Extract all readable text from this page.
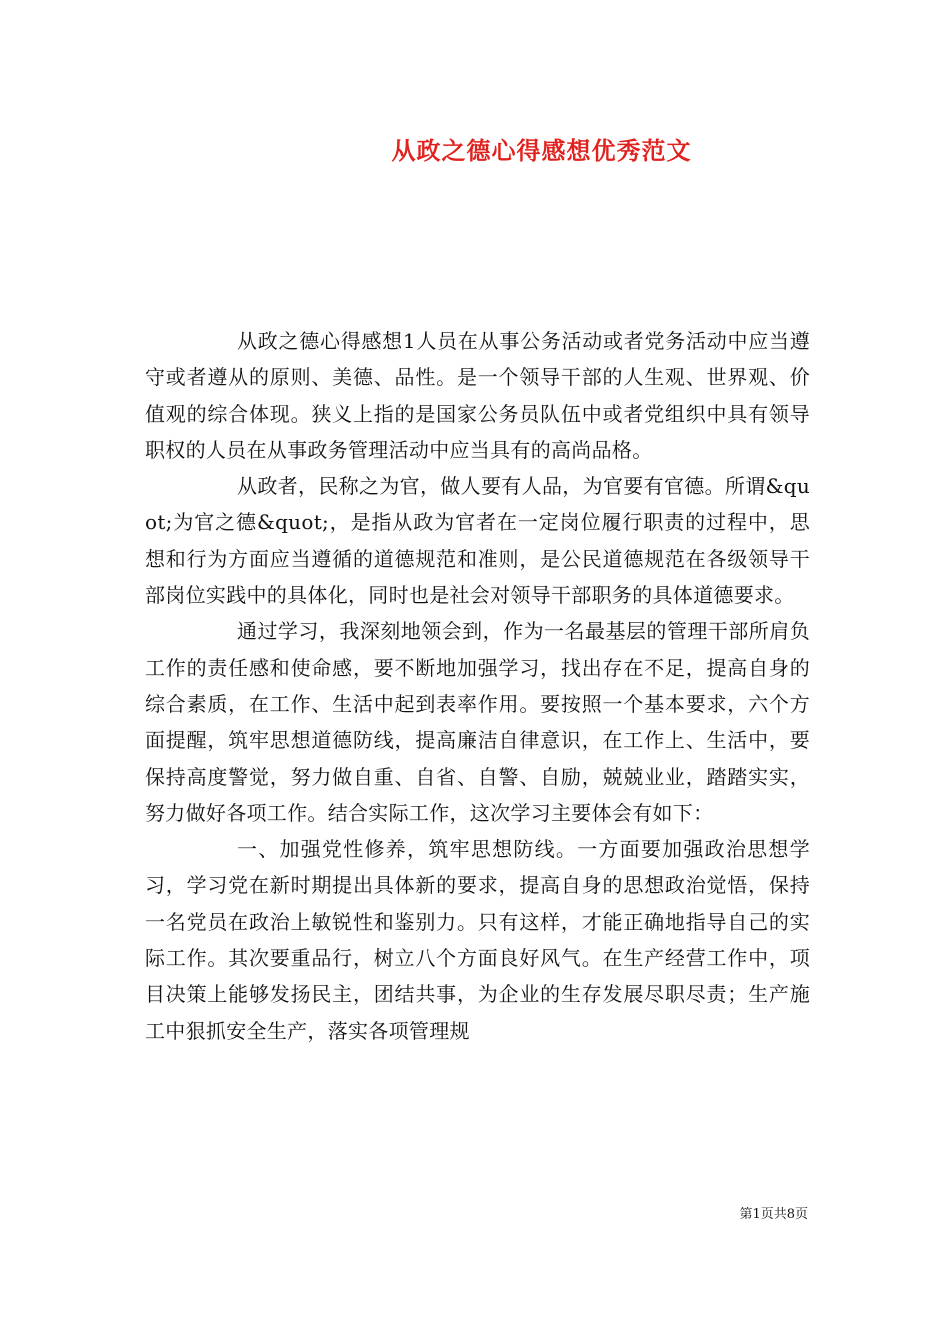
从政之德心得感想优秀范文

从政之德心得感想1人员在从事公务活动或者党务活动中应当遵守或者遵从的原则、美德、品性。是一个领导干部的人生观、世界观、价值观的综合体现。狭义上指的是国家公务员队伍中或者党组织中具有领导职权的人员在从事政务管理活动中应当具有的高尚品格。

从政者，民称之为官，做人要有人品，为官要有官德。所谓&quot;为官之德&quot;，是指从政为官者在一定岗位履行职责的过程中，思想和行为方面应当遵循的道德规范和准则，是公民道德规范在各级领导干部岗位实践中的具体化，同时也是社会对领导干部职务的具体道德要求。

通过学习，我深刻地领会到，作为一名最基层的管理干部所肩负工作的责任感和使命感，要不断地加强学习，找出存在不足，提高自身的综合素质，在工作、生活中起到表率作用。要按照一个基本要求，六个方面提醒，筑牢思想道德防线，提高廉洁自律意识，在工作上、生活中，要保持高度警觉，努力做自重、自省、自警、自励，兢兢业业，踏踏实实，努力做好各项工作。结合实际工作，这次学习主要体会有如下：

一、加强党性修养，筑牢思想防线。一方面要加强政治思想学习，学习党在新时期提出具体新的要求，提高自身的思想政治觉悟，保持一名党员在政治上敏锐性和鉴别力。只有这样，才能正确地指导自己的实际工作。其次要重品行，树立八个方面良好风气。在生产经营工作中，项目决策上能够发扬民主，团结共事，为企业的生存发展尽职尽责；生产施工中狠抓安全生产，落实各项管理规

第1页共8页
